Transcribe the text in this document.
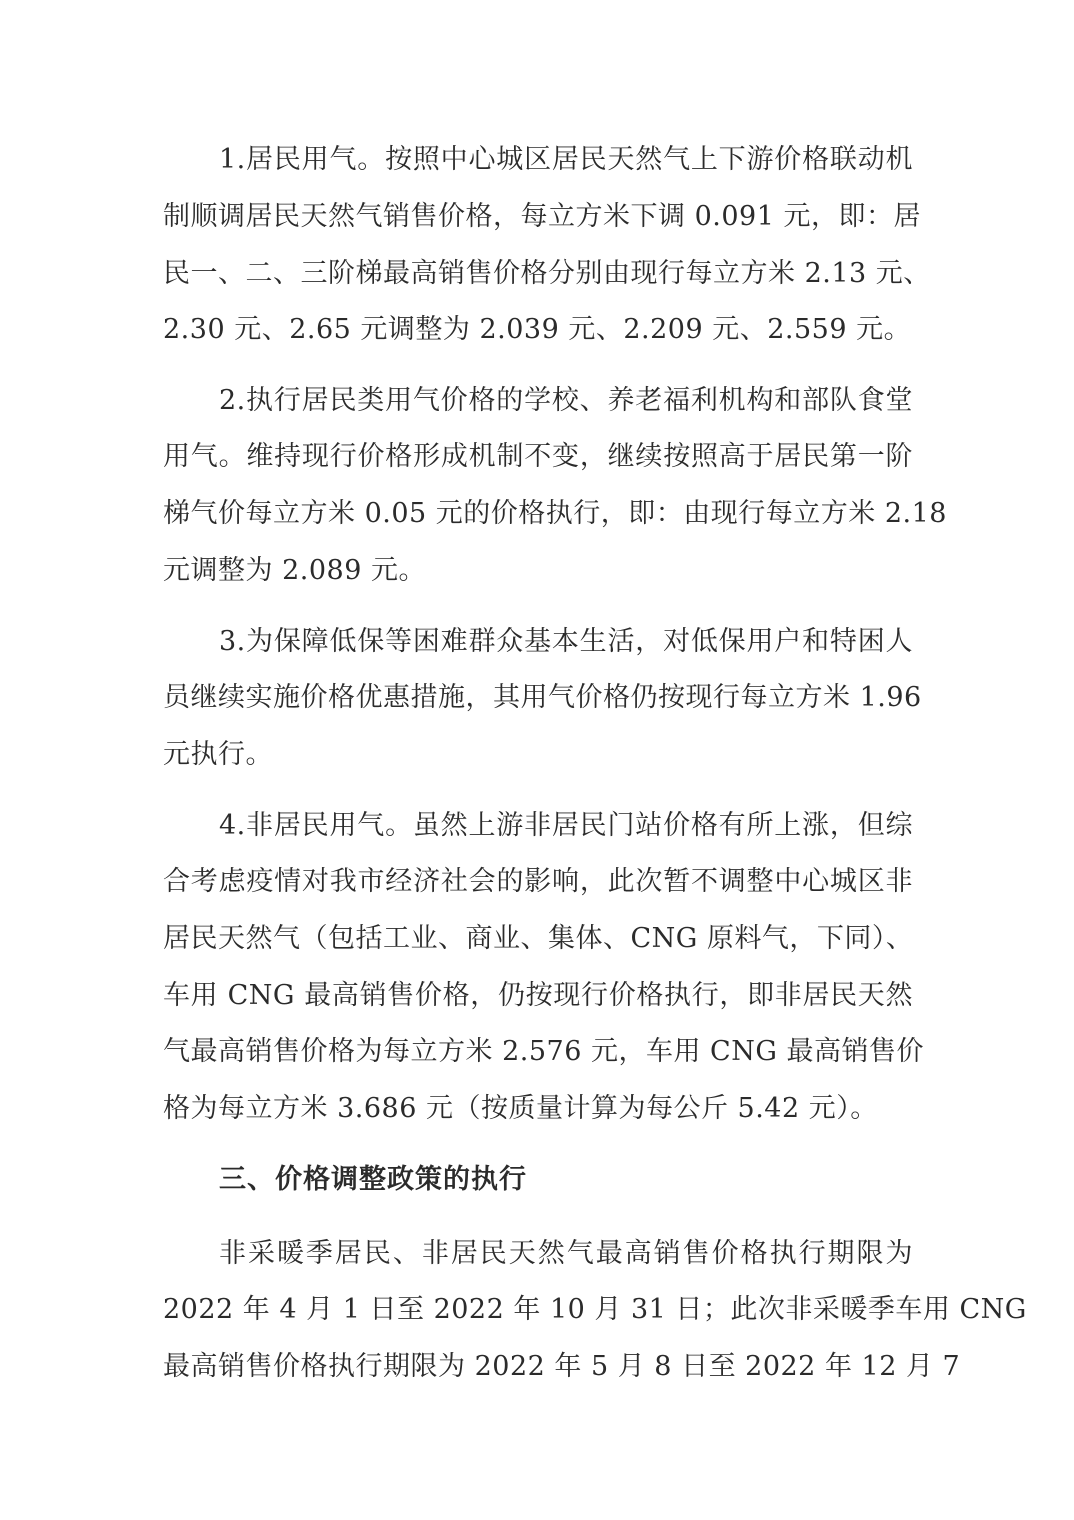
1.居民用气。按照中心城区居民天然气上下游价格联动机
制顺调居民天然气销售价格，每立方米下调 0.091 元，即：居
民一、二、三阶梯最高销售价格分别由现行每立方米 2.13 元、
2.30 元、2.65 元调整为 2.039 元、2.209 元、2.559 元。
2.执行居民类用气价格的学校、养老福利机构和部队食堂
用气。维持现行价格形成机制不变，继续按照高于居民第一阶
梯气价每立方米 0.05 元的价格执行，即：由现行每立方米 2.18
元调整为 2.089 元。
3.为保障低保等困难群众基本生活，对低保用户和特困人
员继续实施价格优惠措施，其用气价格仍按现行每立方米 1.96
元执行。
4.非居民用气。虽然上游非居民门站价格有所上涨，但综
合考虑疫情对我市经济社会的影响，此次暂不调整中心城区非
居民天然气（包括工业、商业、集体、CNG 原料气，下同）、
车用 CNG 最高销售价格，仍按现行价格执行，即非居民天然
气最高销售价格为每立方米 2.576 元，车用 CNG 最高销售价
格为每立方米 3.686 元（按质量计算为每公斤 5.42 元）。
三、价格调整政策的执行
非采暖季居民、非居民天然气最高销售价格执行期限为
2022 年 4 月 1 日至 2022 年 10 月 31 日；此次非采暖季车用 CNG
最高销售价格执行期限为 2022 年 5 月 8 日至 2022 年 12 月 7
